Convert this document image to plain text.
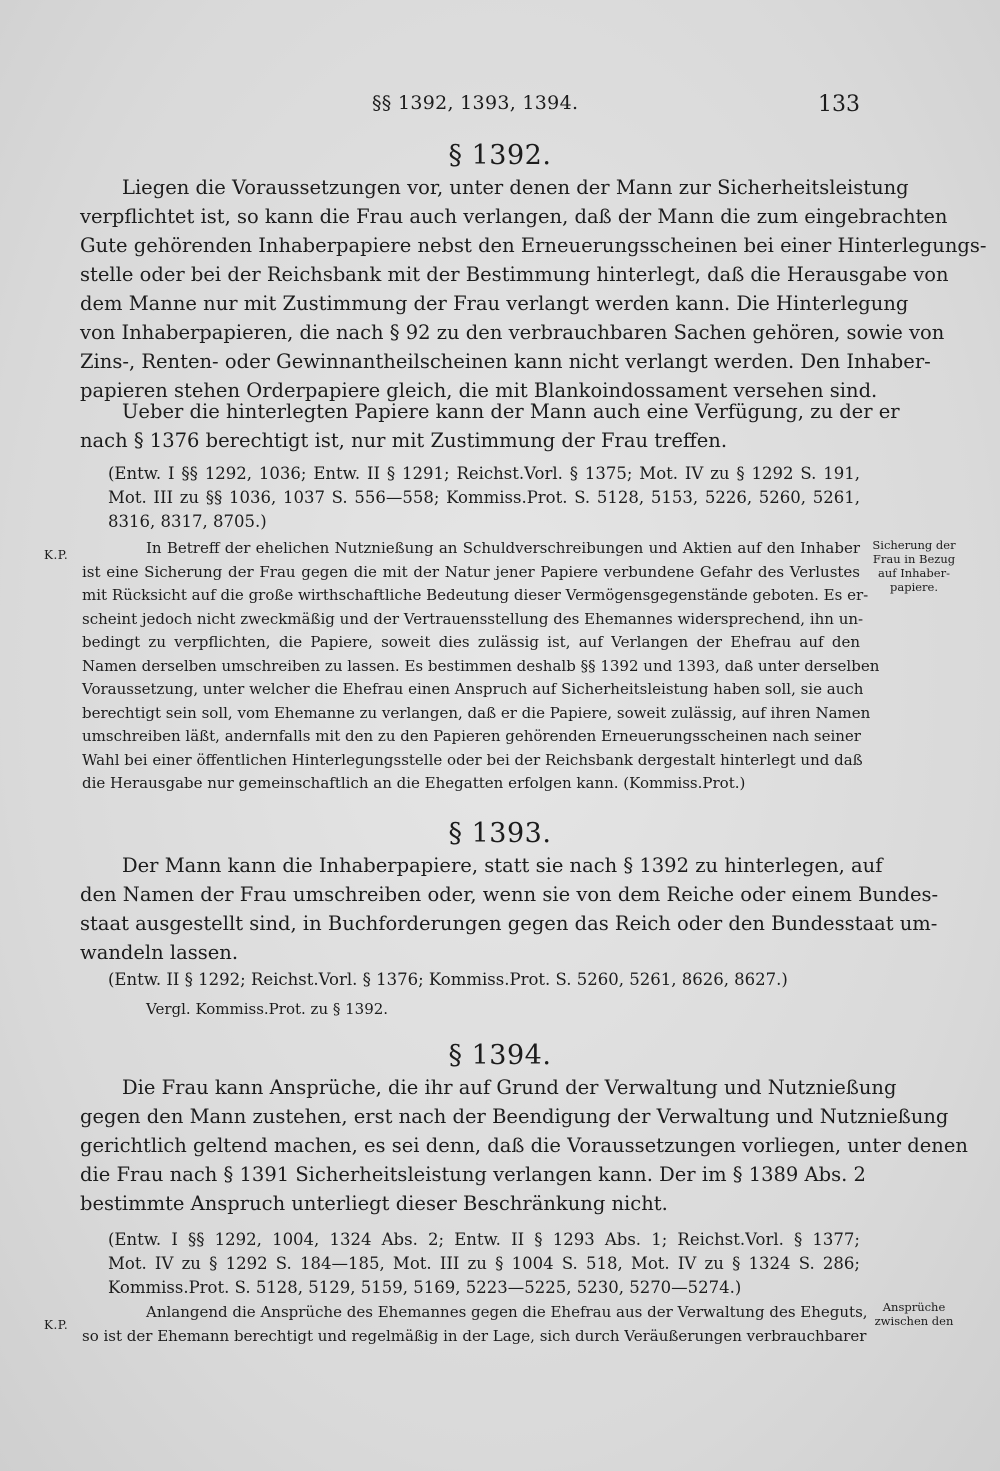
§§ 1392, 1393, 1394.	133
§ 1392.
Liegen die Voraussetzungen vor, unter denen der Mann zur Sicherheitsleistung
verpflichtet ist, so kann die Frau auch verlangen, daß der Mann die zum eingebrachten
Gute gehörenden Inhaberpapiere nebst den Erneuerungsscheinen bei einer Hinterlegungs-
stelle oder bei der Reichsbank mit der Bestimmung hinterlegt, daß die Herausgabe von
dem Manne nur mit Zustimmung der Frau verlangt werden kann. Die Hinterlegung
von Inhaberpapieren, die nach § 92 zu den verbrauchbaren Sachen gehören, sowie von
Zins-, Renten- oder Gewinnantheilscheinen kann nicht verlangt werden. Den Inhaber-
papieren stehen Orderpapiere gleich, die mit Blankoindossament versehen sind.
Ueber die hinterlegten Papiere kann der Mann auch eine Verfügung, zu der er
nach § 1376 berechtigt ist, nur mit Zustimmung der Frau treffen.
(Entw. I §§ 1292, 1036; Entw. II § 1291; Reichst.Vorl. § 1375; Mot. IV zu § 1292 S. 191,
Mot. III zu §§ 1036, 1037 S. 556—558; Kommiss.Prot. S. 5128, 5153, 5226, 5260, 5261,
8316, 8317, 8705.)
K.P.
Sicherung der
Frau in Bezug
auf Inhaber-
papiere.
In Betreff der ehelichen Nutznießung an Schuldverschreibungen und Aktien auf den Inhaber
ist eine Sicherung der Frau gegen die mit der Natur jener Papiere verbundene Gefahr des Verlustes
mit Rücksicht auf die große wirthschaftliche Bedeutung dieser Vermögensgegenstände geboten. Es er-
scheint jedoch nicht zweckmäßig und der Vertrauensstellung des Ehemannes widersprechend, ihn un-
bedingt zu verpflichten, die Papiere, soweit dies zulässig ist, auf Verlangen der Ehefrau auf den
Namen derselben umschreiben zu lassen. Es bestimmen deshalb §§ 1392 und 1393, daß unter derselben
Voraussetzung, unter welcher die Ehefrau einen Anspruch auf Sicherheitsleistung haben soll, sie auch
berechtigt sein soll, vom Ehemanne zu verlangen, daß er die Papiere, soweit zulässig, auf ihren Namen
umschreiben läßt, andernfalls mit den zu den Papieren gehörenden Erneuerungsscheinen nach seiner
Wahl bei einer öffentlichen Hinterlegungsstelle oder bei der Reichsbank dergestalt hinterlegt und daß
die Herausgabe nur gemeinschaftlich an die Ehegatten erfolgen kann. (Kommiss.Prot.)
§ 1393.
Der Mann kann die Inhaberpapiere, statt sie nach § 1392 zu hinterlegen, auf
den Namen der Frau umschreiben oder, wenn sie von dem Reiche oder einem Bundes-
staat ausgestellt sind, in Buchforderungen gegen das Reich oder den Bundesstaat um-
wandeln lassen.
(Entw. II § 1292; Reichst.Vorl. § 1376; Kommiss.Prot. S. 5260, 5261, 8626, 8627.)
Vergl. Kommiss.Prot. zu § 1392.
§ 1394.
Die Frau kann Ansprüche, die ihr auf Grund der Verwaltung und Nutznießung
gegen den Mann zustehen, erst nach der Beendigung der Verwaltung und Nutznießung
gerichtlich geltend machen, es sei denn, daß die Voraussetzungen vorliegen, unter denen
die Frau nach § 1391 Sicherheitsleistung verlangen kann. Der im § 1389 Abs. 2
bestimmte Anspruch unterliegt dieser Beschränkung nicht.
(Entw. I §§ 1292, 1004, 1324 Abs. 2; Entw. II § 1293 Abs. 1; Reichst.Vorl. § 1377;
Mot. IV zu § 1292 S. 184—185, Mot. III zu § 1004 S. 518, Mot. IV zu § 1324 S. 286;
Kommiss.Prot. S. 5128, 5129, 5159, 5169, 5223—5225, 5230, 5270—5274.)
K.P.
Ansprüche
zwischen den
Anlangend die Ansprüche des Ehemannes gegen die Ehefrau aus der Verwaltung des Eheguts,
so ist der Ehemann berechtigt und regelmäßig in der Lage, sich durch Veräußerungen verbrauchbarer
